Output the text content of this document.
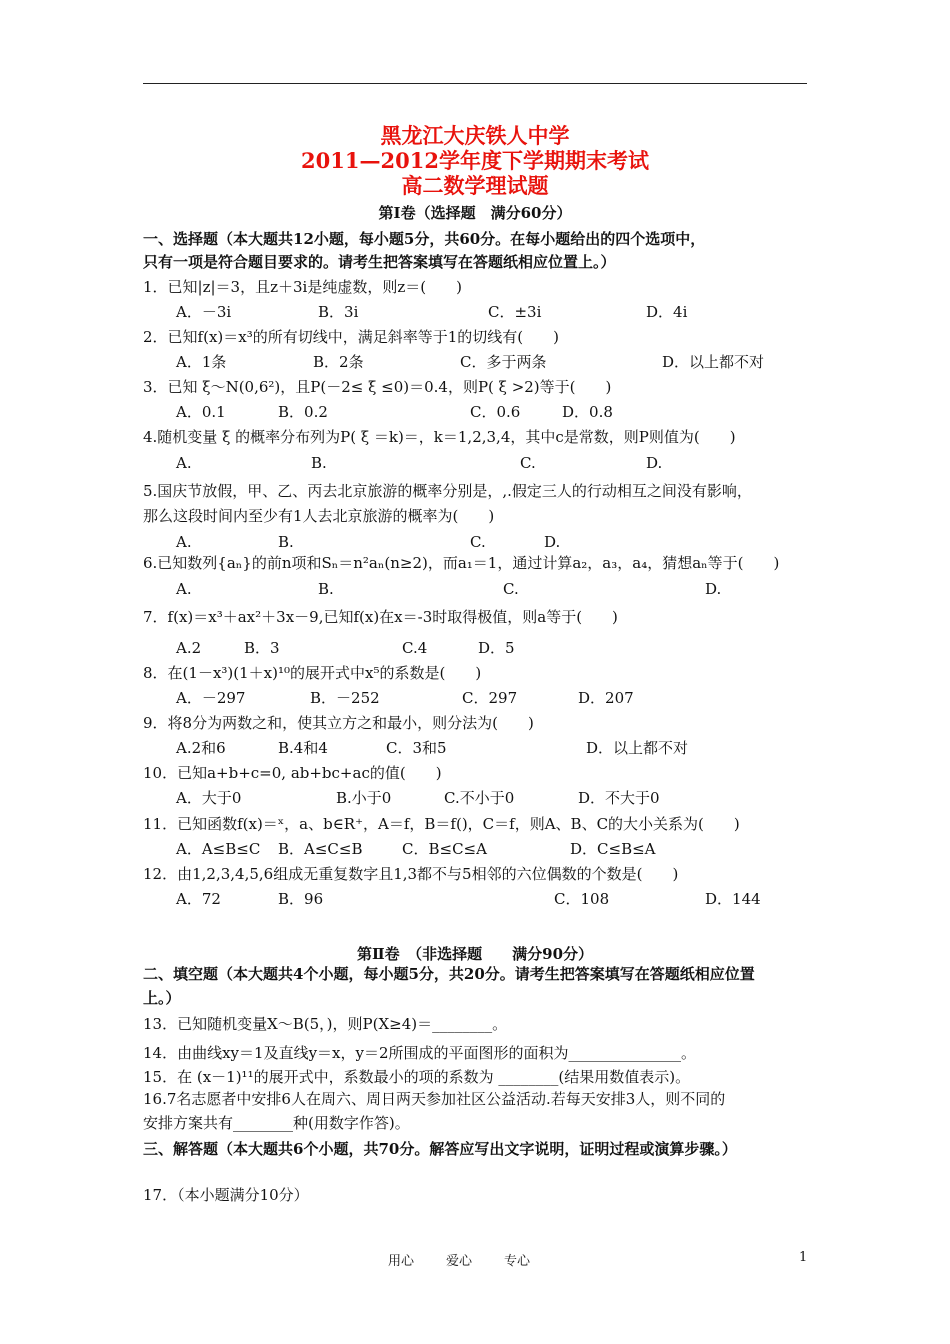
黑龙江大庆铁人中学
2011—2012学年度下学期期末考试
高二数学理试题
第Ⅰ卷（选择题　满分60分）
一、选择题（本大题共12小题，每小题5分，共60分。在每小题给出的四个选项中，
只有一项是符合题目要求的。请考生把答案填写在答题纸相应位置上。）
1．已知|z|＝3，且z＋3i是纯虚数，则z＝(　　)
A．－3i	B．3i	C．±3i	D．4i
2．已知f(x)＝x³的所有切线中，满足斜率等于1的切线有(　　)
A．1条	B．2条	C．多于两条	D．以上都不对
3．已知 ξ～N(0,6²)，且P(－2≤ ξ ≤0)＝0.4，则P( ξ >2)等于(　　)
A．0.1	B．0.2	C．0.6	D．0.8
4.随机变量 ξ 的概率分布列为P( ξ ＝k)＝，k＝1,2,3,4，其中c是常数，则P则值为(　　)
A.	B.	C.	D.
5.国庆节放假，甲、乙、丙去北京旅游的概率分别是，,.假定三人的行动相互之间没有影响，
那么这段时间内至少有1人去北京旅游的概率为(　　)
A.	B.	C.	D.
6.已知数列{aₙ}的前n项和Sₙ＝n²aₙ(n≥2)，而a₁＝1，通过计算a₂，a₃，a₄，猜想aₙ等于(　　)
A.	B.	C.	D.
7．f(x)＝x³＋ax²＋3x－9,已知f(x)在x＝-3时取得极值，则a等于(　　)
A.2	B．3	C.4	D．5
8．在(1－x³)(1＋x)¹⁰的展开式中x⁵的系数是(　　)
A．－297	B．－252	C．297	D．207
9．将8分为两数之和，使其立方之和最小，则分法为(　　)
A.2和6	B.4和4	C．3和5	D．以上都不对
10．已知a+b+c=0, ab+bc+ac的值(　　)
A．大于0	B.小于0	C.不小于0	D．不大于0
11．已知函数f(x)＝ˣ，a、b∈R⁺，A＝f，B＝f()，C＝f，则A、B、C的大小关系为(　　)
A．A≤B≤C B．A≤C≤B	C．B≤C≤A	D．C≤B≤A
12．由1,2,3,4,5,6组成无重复数字且1,3都不与5相邻的六位偶数的个数是(　　)
A．72	B．96	C．108	D．144
第Ⅱ卷　（非选择题　　满分90分）
二、填空题（本大题共4个小题，每小题5分，共20分。请考生把答案填写在答题纸相应位置
上。）
13．已知随机变量X～B(5，)，则P(X≥4)＝________。
14．由曲线xy＝1及直线y＝x，y＝2所围成的平面图形的面积为_______________。
15．在 (x－1)¹¹的展开式中，系数最小的项的系数为 ________(结果用数值表示)。
16.7名志愿者中安排6人在周六、周日两天参加社区公益活动.若每天安排3人，则不同的
安排方案共有________种(用数字作答)。
三、解答题（本大题共6个小题，共70分。解答应写出文字说明，证明过程或演算步骤。）
17．（本小题满分10分）
用心 爱心 专心	1
